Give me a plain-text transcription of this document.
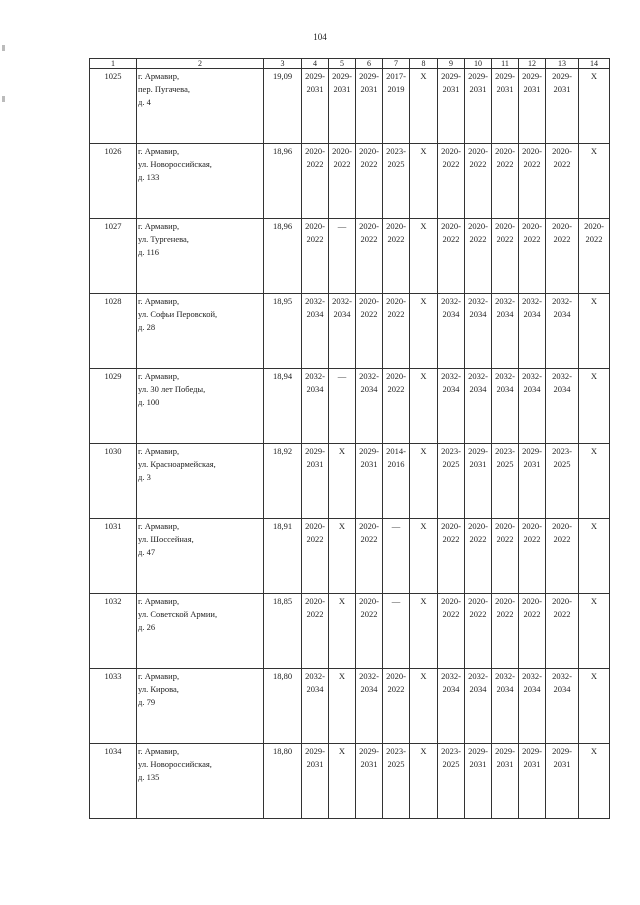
104
1	2	3	4	5	6	7	8	9	10	11	12	13	14
1025	г. Армавир,
пер. Пугачева,
д. 4	19,09	2029-
2031	2029-
2031	2029-
2031	2017-
2019	X	2029-
2031	2029-
2031	2029-
2031	2029-
2031	2029-
2031	X

1026	г. Армавир,
ул. Новороссийская,
д. 133	18,96	2020-
2022	2020-
2022	2020-
2022	2023-
2025	X	2020-
2022	2020-
2022	2020-
2022	2020-
2022	2020-
2022	X

1027	г. Армавир,
ул. Тургенева,
д. 116	18,96	2020-
2022	—	2020-
2022	2020-
2022	X	2020-
2022	2020-
2022	2020-
2022	2020-
2022	2020-
2022	2020-
2022

1028	г. Армавир,
ул. Софьи Перовской,
д. 28	18,95	2032-
2034	2032-
2034	2020-
2022	2020-
2022	X	2032-
2034	2032-
2034	2032-
2034	2032-
2034	2032-
2034	X

1029	г. Армавир,
ул. 30 лет Победы,
д. 100	18,94	2032-
2034	—	2032-
2034	2020-
2022	X	2032-
2034	2032-
2034	2032-
2034	2032-
2034	2032-
2034	X

1030	г. Армавир,
ул. Красноармейская,
д. 3	18,92	2029-
2031	X	2029-
2031	2014-
2016	X	2023-
2025	2029-
2031	2023-
2025	2029-
2031	2023-
2025	X

1031	г. Армавир,
ул. Шоссейная,
д. 47	18,91	2020-
2022	X	2020-
2022	—	X	2020-
2022	2020-
2022	2020-
2022	2020-
2022	2020-
2022	X

1032	г. Армавир,
ул. Советской Армии,
д. 26	18,85	2020-
2022	X	2020-
2022	—	X	2020-
2022	2020-
2022	2020-
2022	2020-
2022	2020-
2022	X

1033	г. Армавир,
ул. Кирова,
д. 79	18,80	2032-
2034	X	2032-
2034	2020-
2022	X	2032-
2034	2032-
2034	2032-
2034	2032-
2034	2032-
2034	X

1034	г. Армавир,
ул. Новороссийская,
д. 135	18,80	2029-
2031	X	2029-
2031	2023-
2025	X	2023-
2025	2029-
2031	2029-
2031	2029-
2031	2029-
2031	X
